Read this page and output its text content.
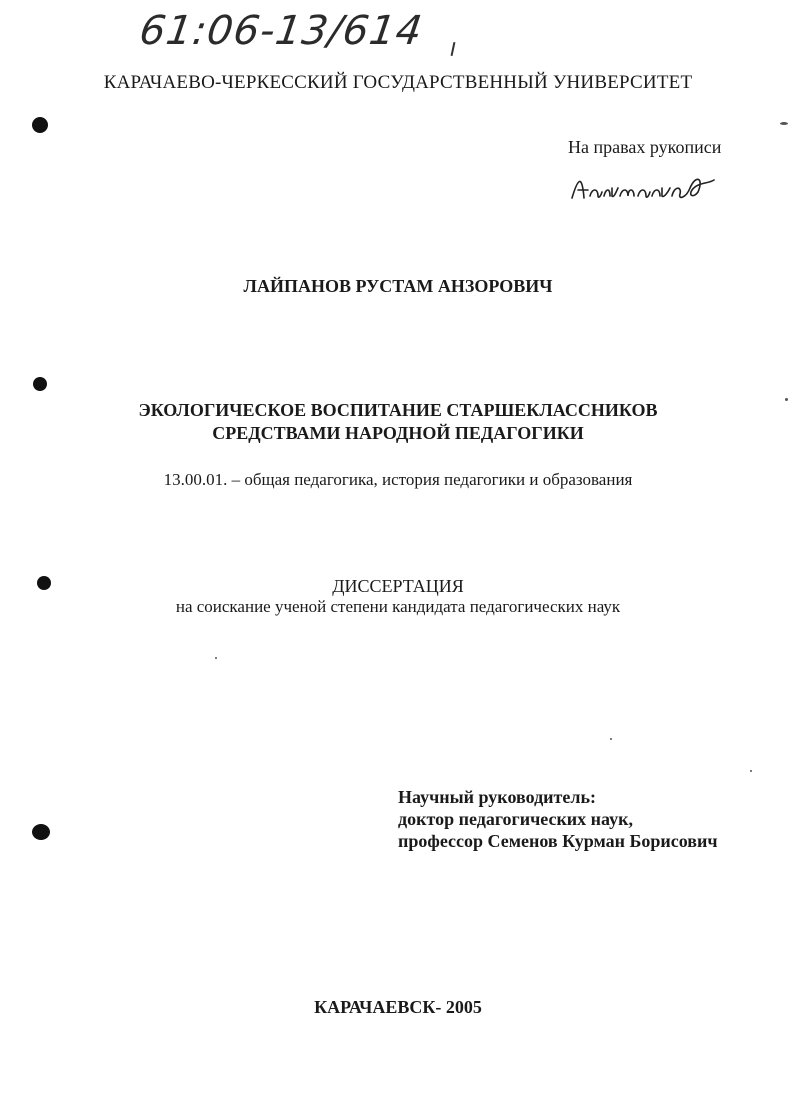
61:06-13/614
КАРАЧАЕВО-ЧЕРКЕССКИЙ ГОСУДАРСТВЕННЫЙ УНИВЕРСИТЕТ
На правах рукописи
ЛАЙПАНОВ РУСТАМ АНЗОРОВИЧ
ЭКОЛОГИЧЕСКОЕ ВОСПИТАНИЕ СТАРШЕКЛАССНИКОВ
СРЕДСТВАМИ НАРОДНОЙ ПЕДАГОГИКИ
13.00.01. – общая педагогика, история педагогики и образования
ДИССЕРТАЦИЯ
на соискание ученой степени кандидата педагогических наук
Научный руководитель:
доктор педагогических наук,
профессор Семенов Курман Борисович
КАРАЧАЕВСК- 2005
